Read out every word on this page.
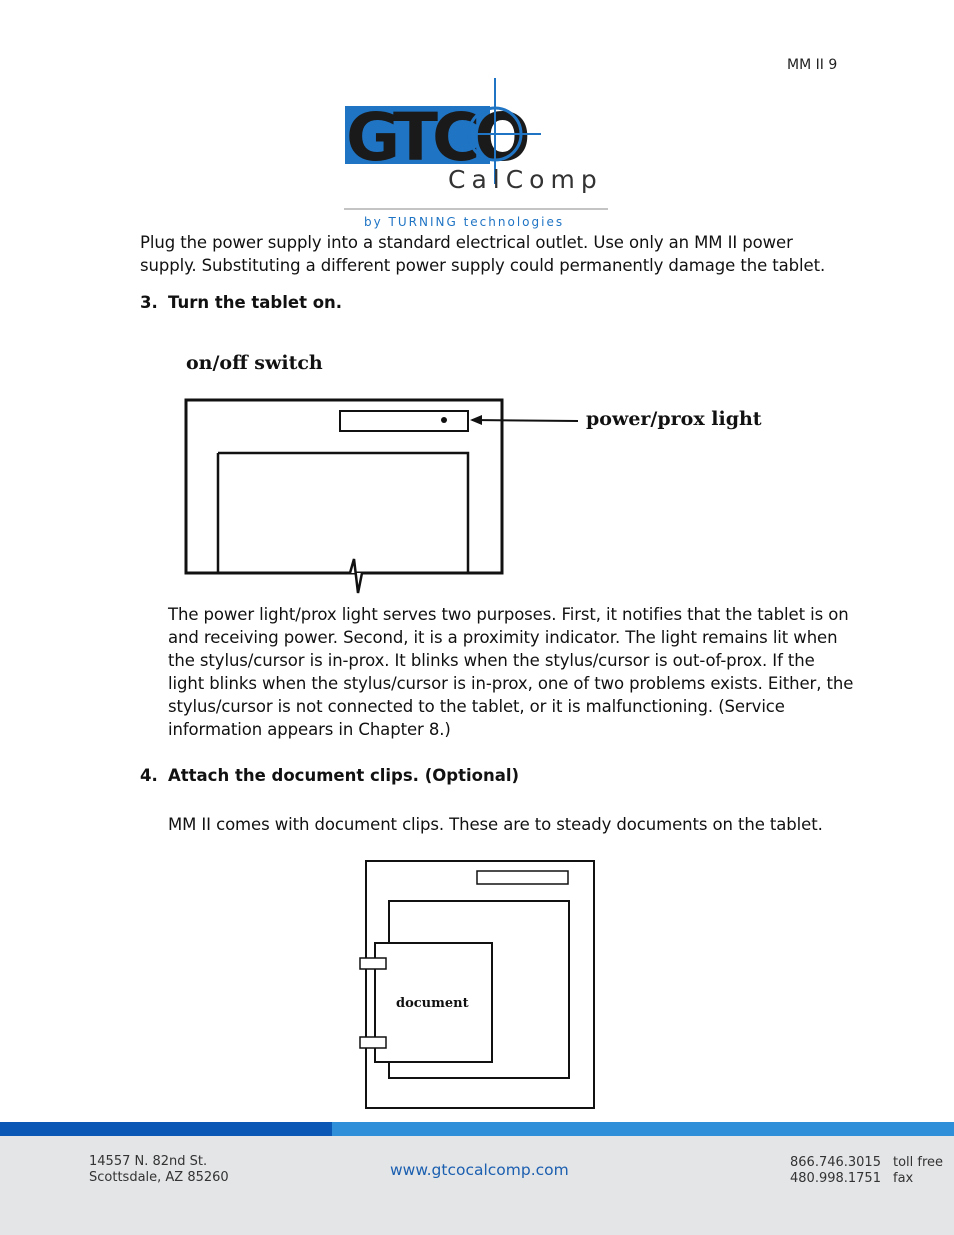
MM II 9
GTCO
CalComp
by TURNING technologies
Plug the power supply into a standard electrical outlet. Use only an MM II power
supply. Substituting a different power supply could permanently damage the tablet.
3. Turn the tablet on.
on/off switch
power/prox light
The power light/prox light serves two purposes. First, it notifies that the tablet is on
and receiving power. Second, it is a proximity indicator. The light remains lit when
the stylus/cursor is in-prox. It blinks when the stylus/cursor is out-of-prox. If the
light blinks when the stylus/cursor is in-prox, one of two problems exists. Either, the
stylus/cursor is not connected to the tablet, or it is malfunctioning. (Service
information appears in Chapter 8.)
4. Attach the document clips. (Optional)
MM II comes with document clips. These are to steady documents on the tablet.
document
14557 N. 82nd St.
Scottsdale, AZ 85260	www.gtcocalcomp.com	866.746.3015 toll free
480.998.1751 fax
